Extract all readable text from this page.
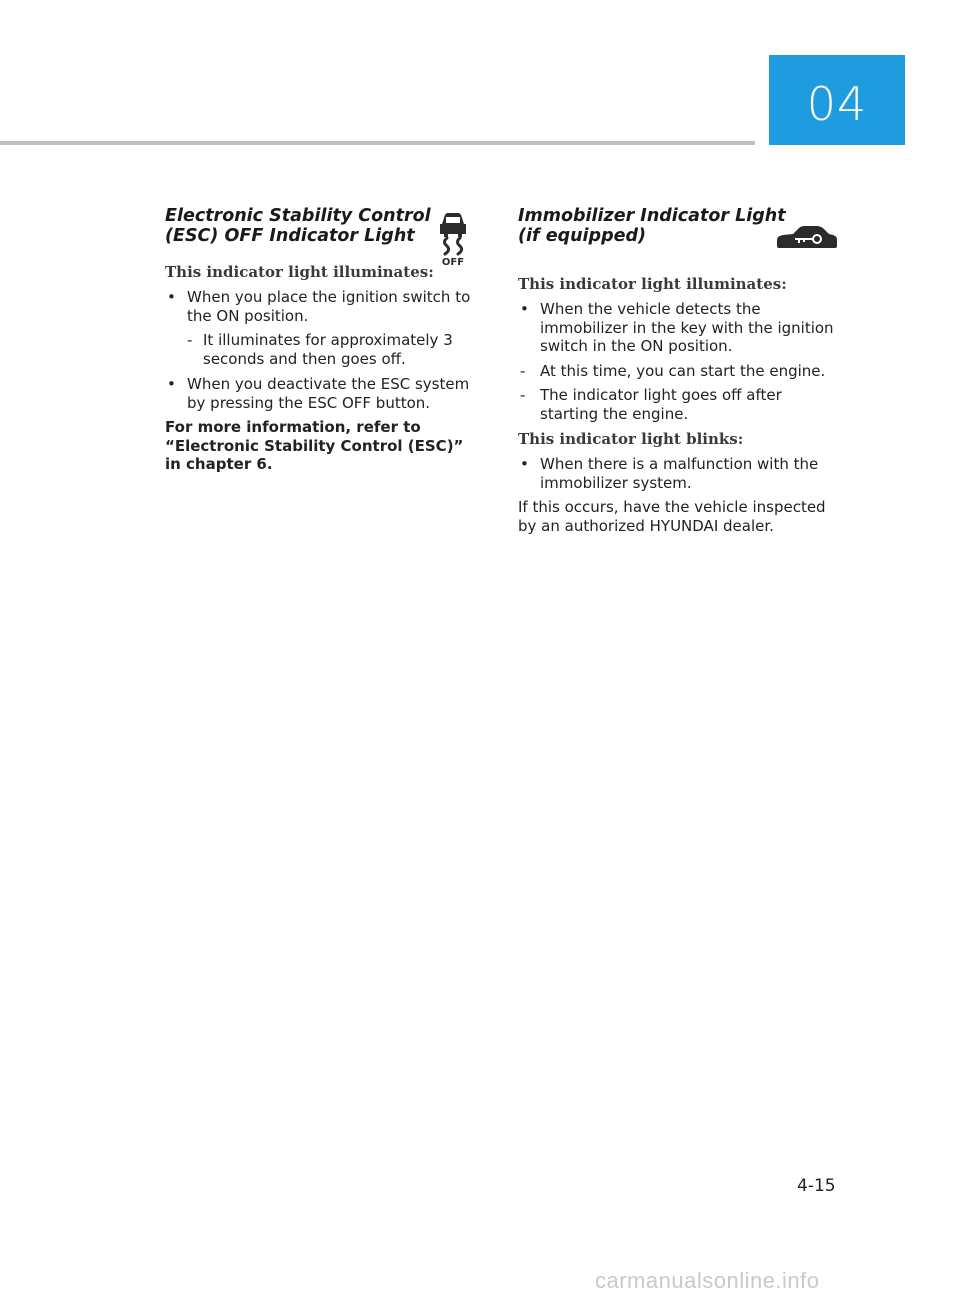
04
Electronic Stability Control
(ESC) OFF Indicator Light
OFF

This indicator light illuminates:

• When you place the ignition switch to the ON position.
- It illuminates for approximately 3 seconds and then goes off.
• When you deactivate the ESC system by pressing the ESC OFF button.
For more information, refer to “Electronic Stability Control (ESC)” in chapter 6.
Immobilizer Indicator Light
(if equipped)

This indicator light illuminates:

• When the vehicle detects the immobilizer in the key with the ignition switch in the ON position.
- At this time, you can start the engine.
- The indicator light goes off after starting the engine.

This indicator light blinks:

• When there is a malfunction with the immobilizer system.
If this occurs, have the vehicle inspected by an authorized HYUNDAI dealer.
4-15
carmanualsonline.info
